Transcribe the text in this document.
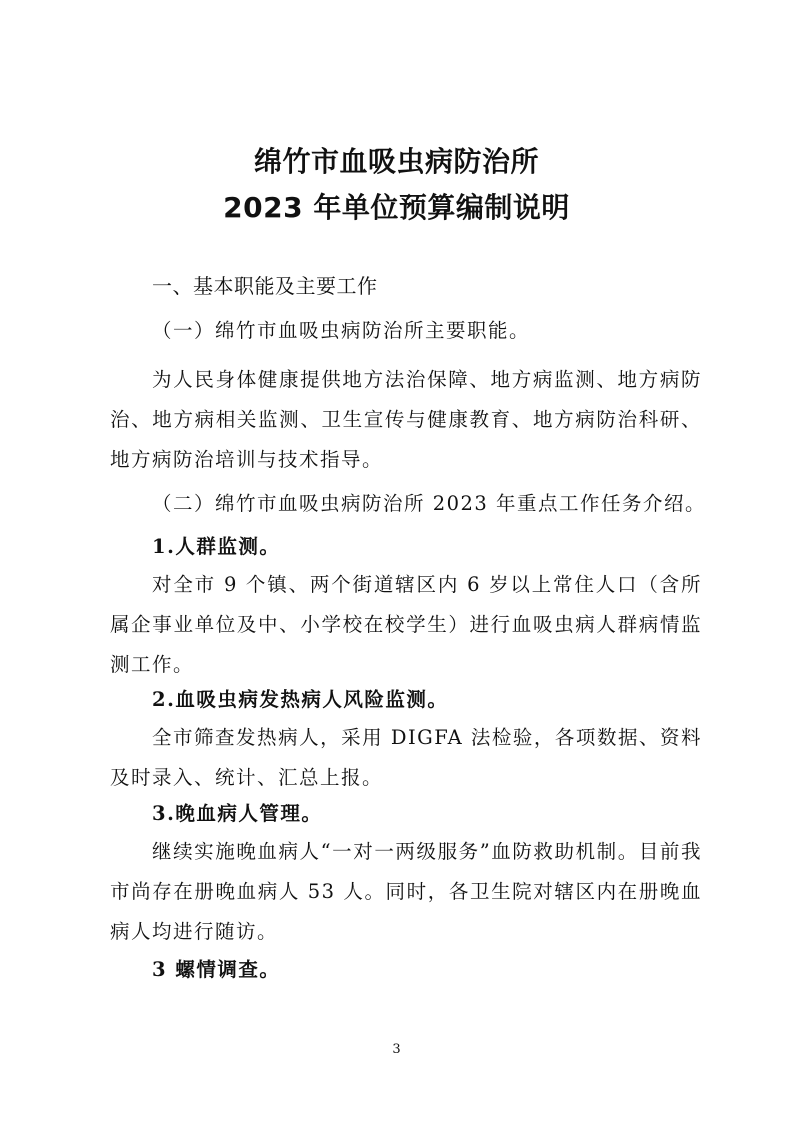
绵竹市血吸虫病防治所
2023 年单位预算编制说明
一、基本职能及主要工作
（一）绵竹市血吸虫病防治所主要职能。
为人民身体健康提供地方法治保障、地方病监测、地方病防治、地方病相关监测、卫生宣传与健康教育、地方病防治科研、地方病防治培训与技术指导。
（二）绵竹市血吸虫病防治所 2023 年重点工作任务介绍。
1.人群监测。
对全市 9 个镇、两个街道辖区内 6 岁以上常住人口（含所属企事业单位及中、小学校在校学生）进行血吸虫病人群病情监测工作。
2.血吸虫病发热病人风险监测。
全市筛查发热病人，采用 DIGFA 法检验，各项数据、资料及时录入、统计、汇总上报。
3.晚血病人管理。
继续实施晚血病人“一对一两级服务”血防救助机制。目前我市尚存在册晚血病人 53 人。同时，各卫生院对辖区内在册晚血病人均进行随访。
3 螺情调查。
3
